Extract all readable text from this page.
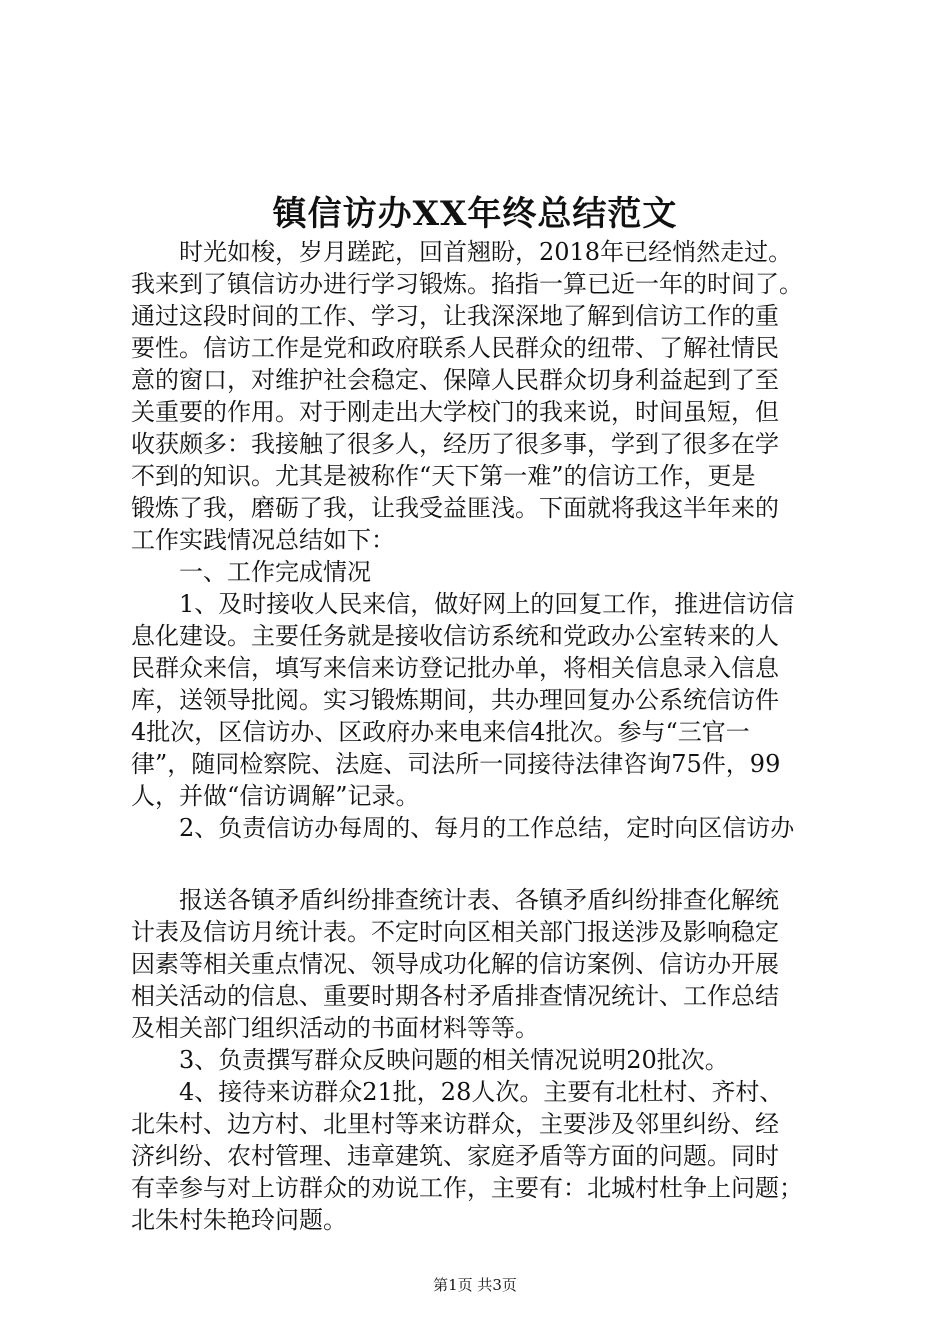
镇信访办XX年终总结范文
　　时光如梭，岁月蹉跎，回首翘盼，2018年已经悄然走过。
我来到了镇信访办进行学习锻炼。掐指一算已近一年的时间了。
通过这段时间的工作、学习，让我深深地了解到信访工作的重
要性。信访工作是党和政府联系人民群众的纽带、了解社情民
意的窗口，对维护社会稳定、保障人民群众切身利益起到了至
关重要的作用。对于刚走出大学校门的我来说，时间虽短，但
收获颇多：我接触了很多人，经历了很多事，学到了很多在学
不到的知识。尤其是被称作“天下第一难”的信访工作，更是
锻炼了我，磨砺了我，让我受益匪浅。下面就将我这半年来的
工作实践情况总结如下：
　　一、工作完成情况
　　1、及时接收人民来信，做好网上的回复工作，推进信访信
息化建设。主要任务就是接收信访系统和党政办公室转来的人
民群众来信，填写来信来访登记批办单，将相关信息录入信息
库，送领导批阅。实习锻炼期间，共办理回复办公系统信访件
4批次，区信访办、区政府办来电来信4批次。参与“三官一
律”，随同检察院、法庭、司法所一同接待法律咨询75件，99
人，并做“信访调解”记录。
　　2、负责信访办每周的、每月的工作总结，定时向区信访办
　　报送各镇矛盾纠纷排查统计表、各镇矛盾纠纷排查化解统
计表及信访月统计表。不定时向区相关部门报送涉及影响稳定
因素等相关重点情况、领导成功化解的信访案例、信访办开展
相关活动的信息、重要时期各村矛盾排查情况统计、工作总结
及相关部门组织活动的书面材料等等。
　　3、负责撰写群众反映问题的相关情况说明20批次。
　　4、接待来访群众21批，28人次。主要有北杜村、齐村、
北朱村、边方村、北里村等来访群众，主要涉及邻里纠纷、经
济纠纷、农村管理、违章建筑、家庭矛盾等方面的问题。同时
有幸参与对上访群众的劝说工作，主要有：北城村杜争上问题；
北朱村朱艳玲问题。
第1页 共3页
